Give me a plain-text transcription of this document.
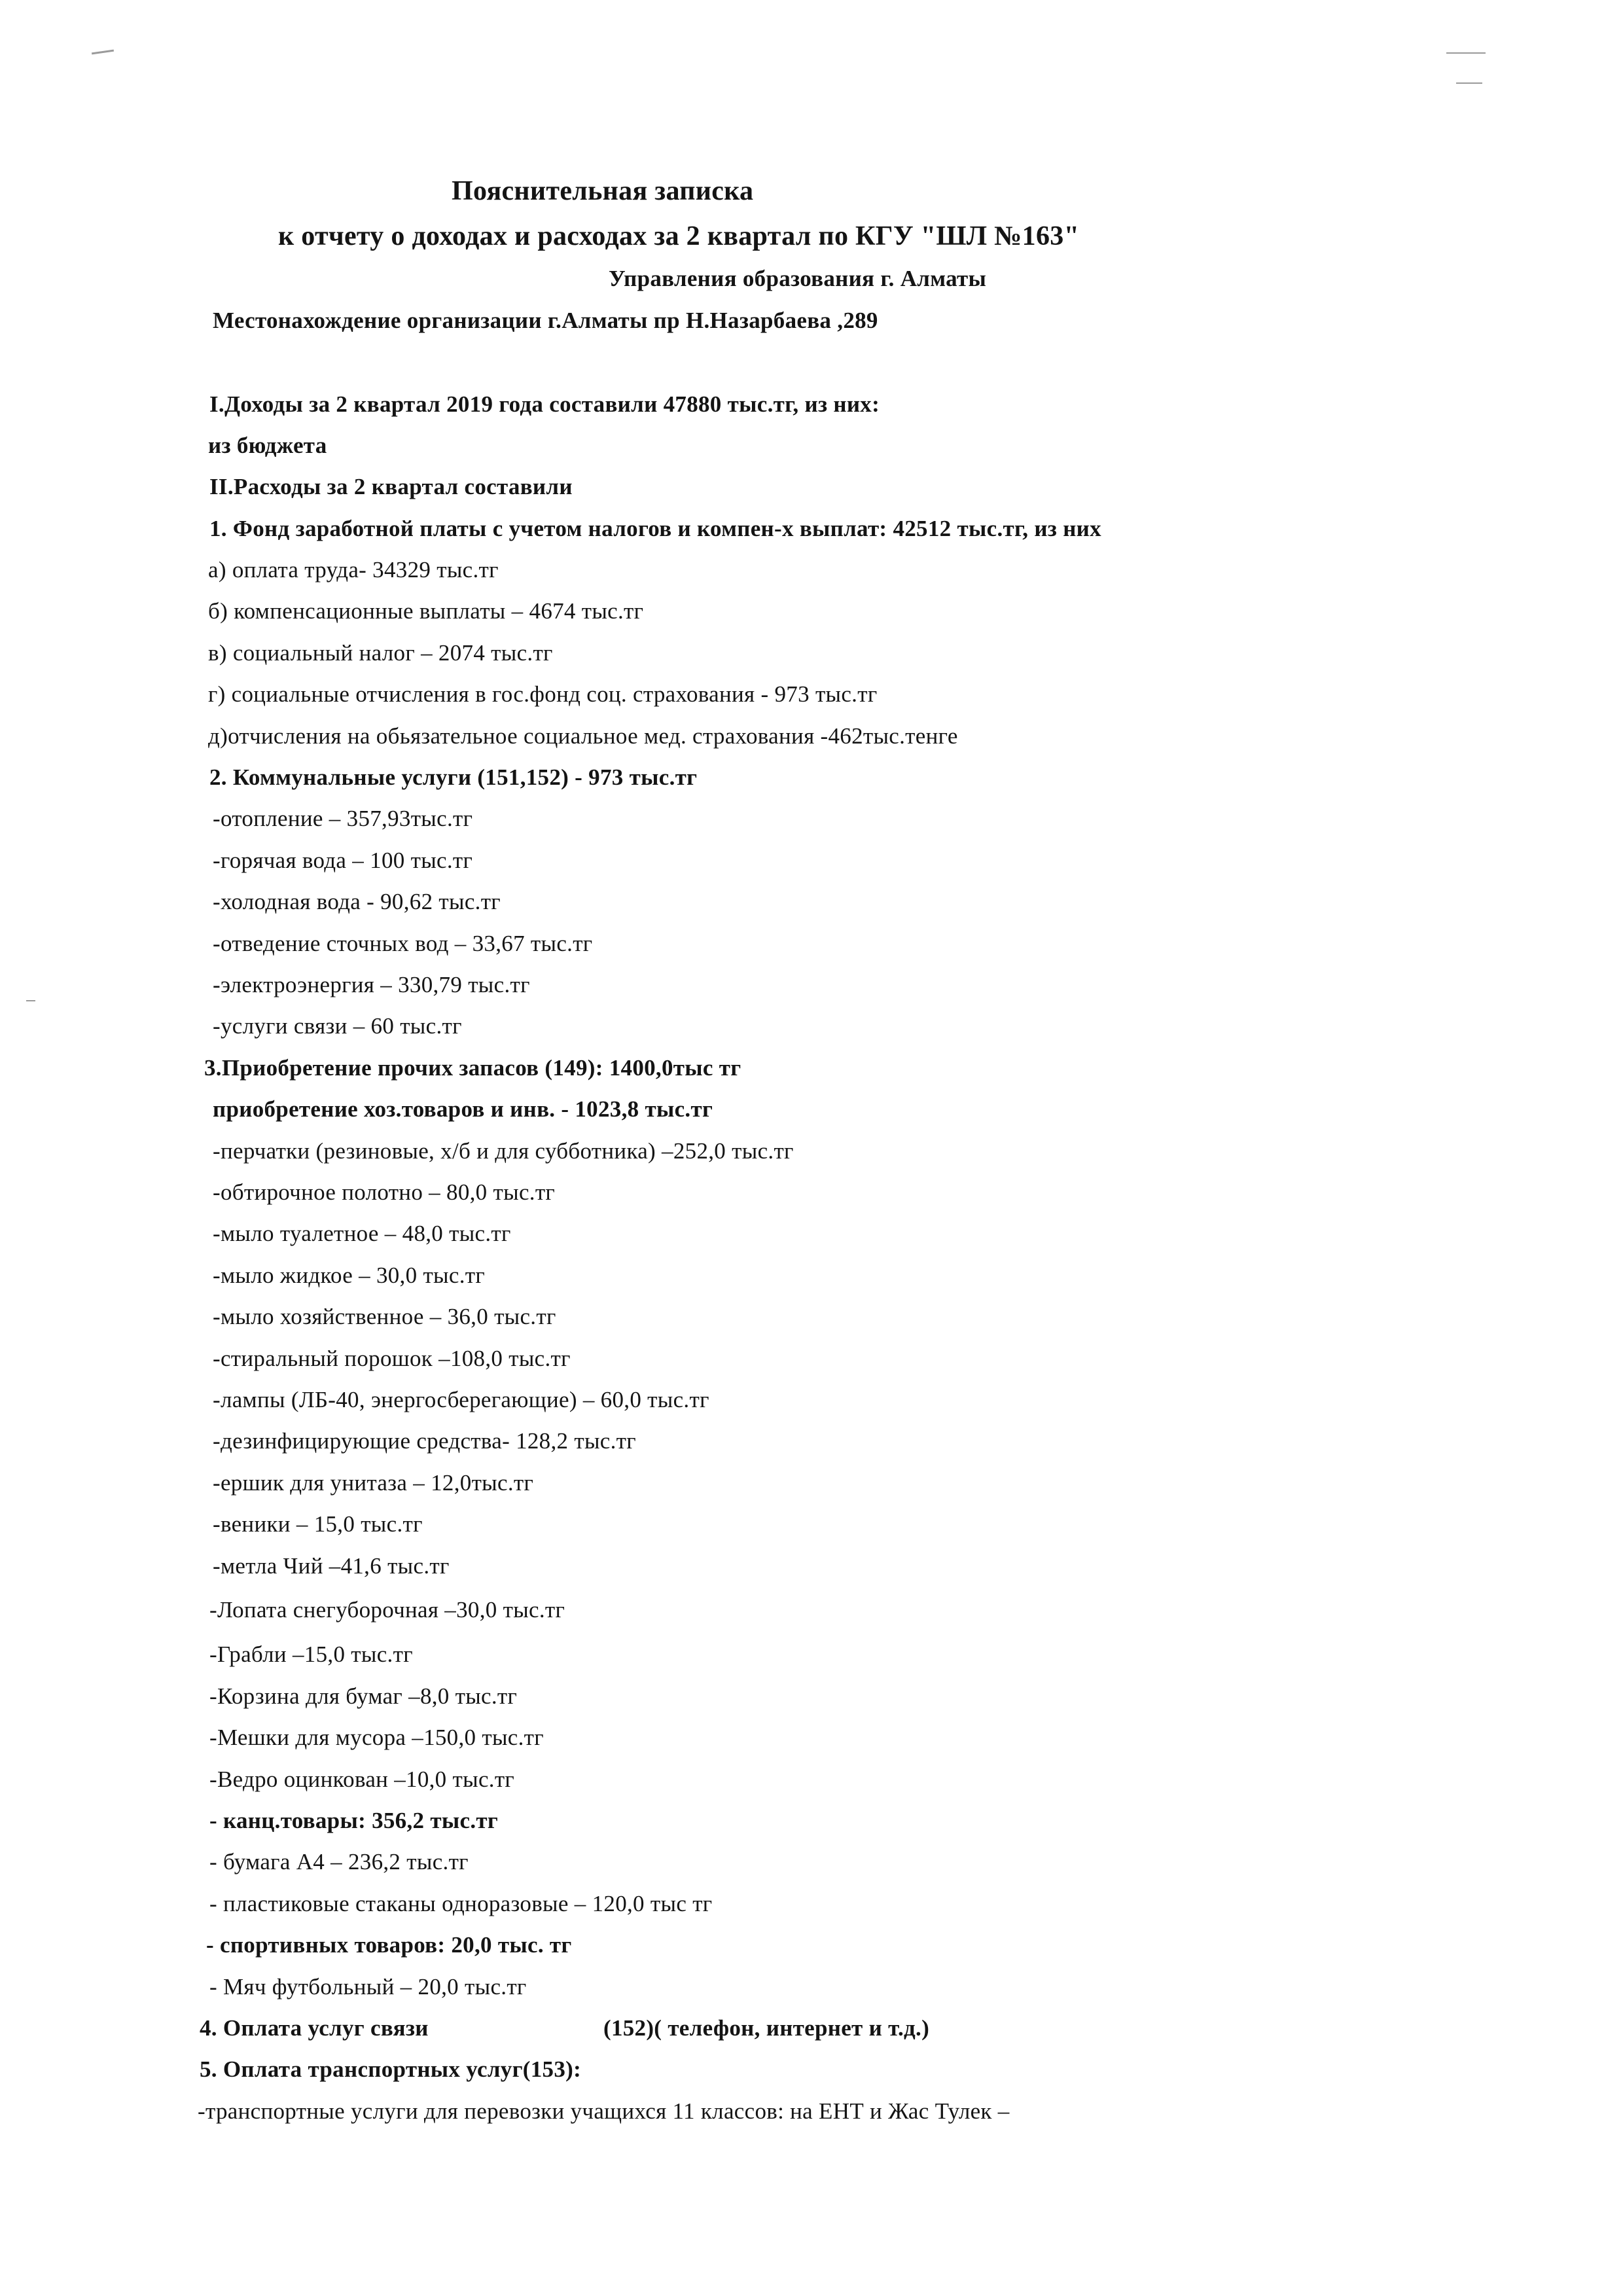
Пояснительная записка

к отчету о доходах и расходах за 2 квартал по КГУ "ШЛ №163"

Управления образования г. Алматы

Местонахождение организации г.Алматы пр Н.Назарбаева ,289

I.Доходы за 2 квартал 2019 года составили 47880 тыс.тг, из них:

из бюджета

II.Расходы за 2 квартал составили

1. Фонд заработной платы с учетом налогов и компен-х выплат: 42512 тыс.тг, из них

а) оплата труда- 34329 тыс.тг

б) компенсационные выплаты – 4674 тыс.тг

в) социальный налог – 2074 тыс.тг

г) социальные отчисления в гос.фонд соц. страхования - 973 тыс.тг

д)отчисления на обьязательное социальное мед. страхования -462тыс.тенге

2. Коммунальные услуги (151,152) - 973 тыс.тг

-отопление – 357,93тыс.тг

-горячая вода – 100 тыс.тг

-холодная вода - 90,62 тыс.тг

-отведение сточных вод – 33,67 тыс.тг

-электроэнергия – 330,79 тыс.тг

-услуги связи – 60 тыс.тг

3.Приобретение прочих запасов (149): 1400,0тыс тг

приобретение хоз.товаров и инв. - 1023,8 тыс.тг

-перчатки (резиновые, х/б и для субботника) –252,0 тыс.тг

-обтирочное полотно – 80,0 тыс.тг

-мыло туалетное – 48,0 тыс.тг

-мыло жидкое – 30,0 тыс.тг

-мыло хозяйственное – 36,0 тыс.тг

-стиральный порошок –108,0 тыс.тг

-лампы (ЛБ-40, энергосберегающие) – 60,0 тыс.тг

-дезинфицирующие средства- 128,2 тыс.тг

-ершик для унитаза – 12,0тыс.тг

-веники – 15,0 тыс.тг

-метла Чий –41,6 тыс.тг

-Лопата снегуборочная –30,0 тыс.тг

-Грабли –15,0 тыс.тг

-Корзина для бумаг –8,0 тыс.тг

-Мешки для мусора –150,0 тыс.тг

-Ведро оцинкован –10,0 тыс.тг

- канц.товары: 356,2 тыс.тг

- бумага А4 – 236,2 тыс.тг

- пластиковые стаканы одноразовые – 120,0 тыс тг

- спортивных товаров: 20,0 тыс. тг

- Мяч футбольный – 20,0 тыс.тг

4. Оплата услуг связи	(152)( телефон, интернет и т.д.)

5. Оплата транспортных услуг(153):

-транспортные услуги для перевозки учащихся 11 классов: на ЕНТ и Жас Тулек –
